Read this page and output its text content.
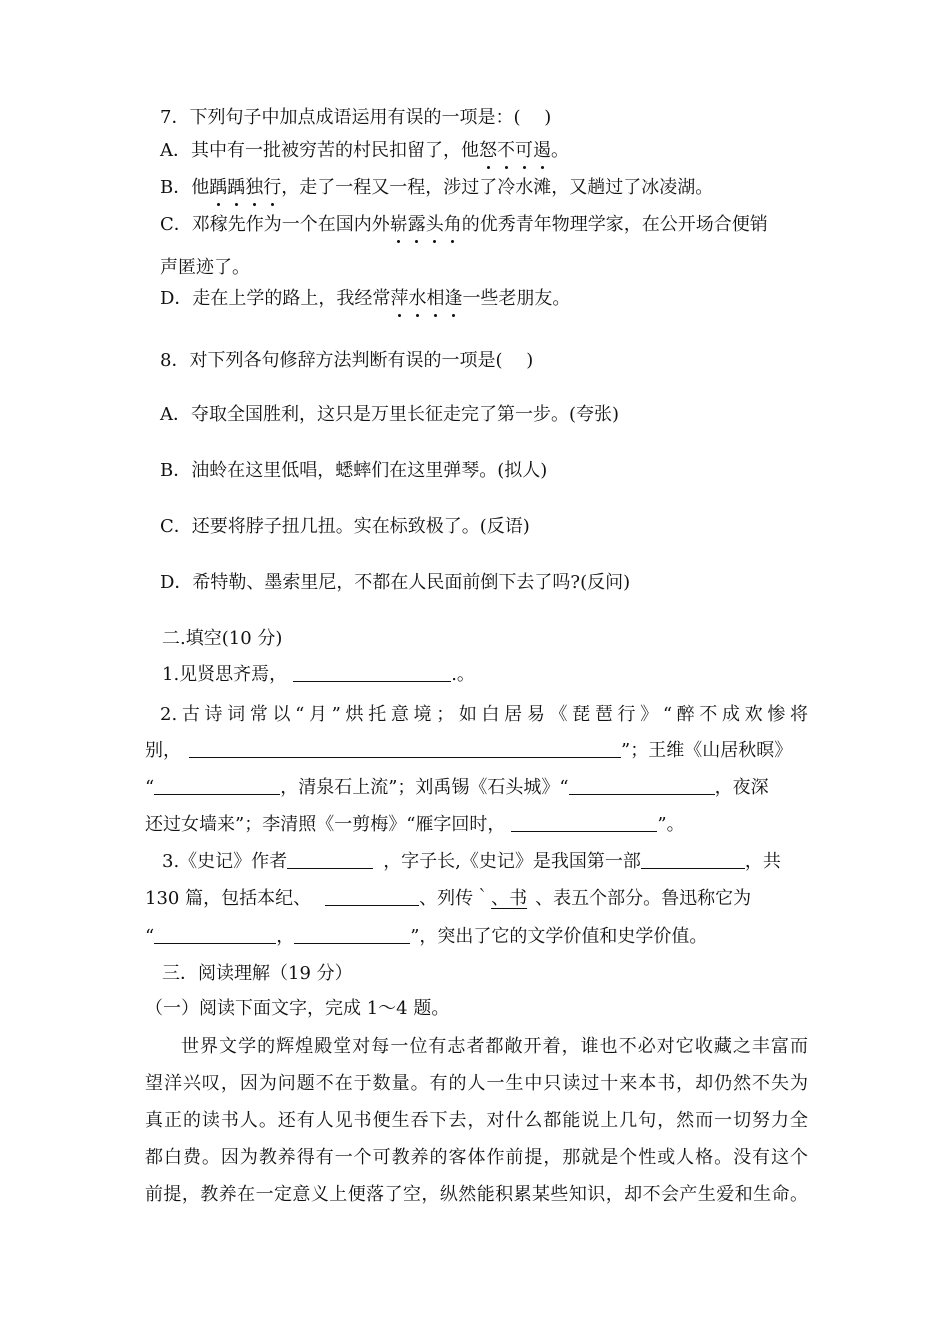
7．下列句子中加点成语运用有误的一项是：(　 )
A．其中有一批被穷苦的村民扣留了，他怒不可遏。
B．他踽踽独行，走了一程又一程，涉过了冷水滩，又趟过了冰凌湖。
C．邓稼先作为一个在国内外崭露头角的优秀青年物理学家，在公开场合便销
声匿迹了。
D．走在上学的路上，我经常萍水相逢一些老朋友。
8．对下列各句修辞方法判断有误的一项是(　 )
A．夺取全国胜利，这只是万里长征走完了第一步。(夸张)
B．油蛉在这里低唱，蟋蟀们在这里弹琴。(拟人)
C．还要将脖子扭几扭。实在标致极了。(反语)
D．希特勒、墨索里尼，不都在人民面前倒下去了吗?(反问)
二.填空(10 分)
1.见贤思齐焉，	.。
2.古诗词常以“月”烘托意境；如白居易《琵琶行》“醉不成欢惨将
别，	”；王维《山居秋暝》
“	，清泉石上流”；刘禹锡《石头城》“	，夜深
还过女墙来”；李清照《一剪梅》“雁字回时，	”。
3.《史记》作者	，字子长,《史记》是我国第一部	，共
130 篇，包括本纪、	、列传｀、书 、表五个部分。鲁迅称它为
“	，	”，突出了它的文学价值和史学价值。
三．阅读理解（19 分）
（一）阅读下面文字，完成 1～4 题。
世界文学的辉煌殿堂对每一位有志者都敞开着，谁也不必对它收藏之丰富而
望洋兴叹，因为问题不在于数量。有的人一生中只读过十来本书，却仍然不失为
真正的读书人。还有人见书便生吞下去，对什么都能说上几句，然而一切努力全
都白费。因为教养得有一个可教养的客体作前提，那就是个性或人格。没有这个
前提，教养在一定意义上便落了空，纵然能积累某些知识，却不会产生爱和生命。
